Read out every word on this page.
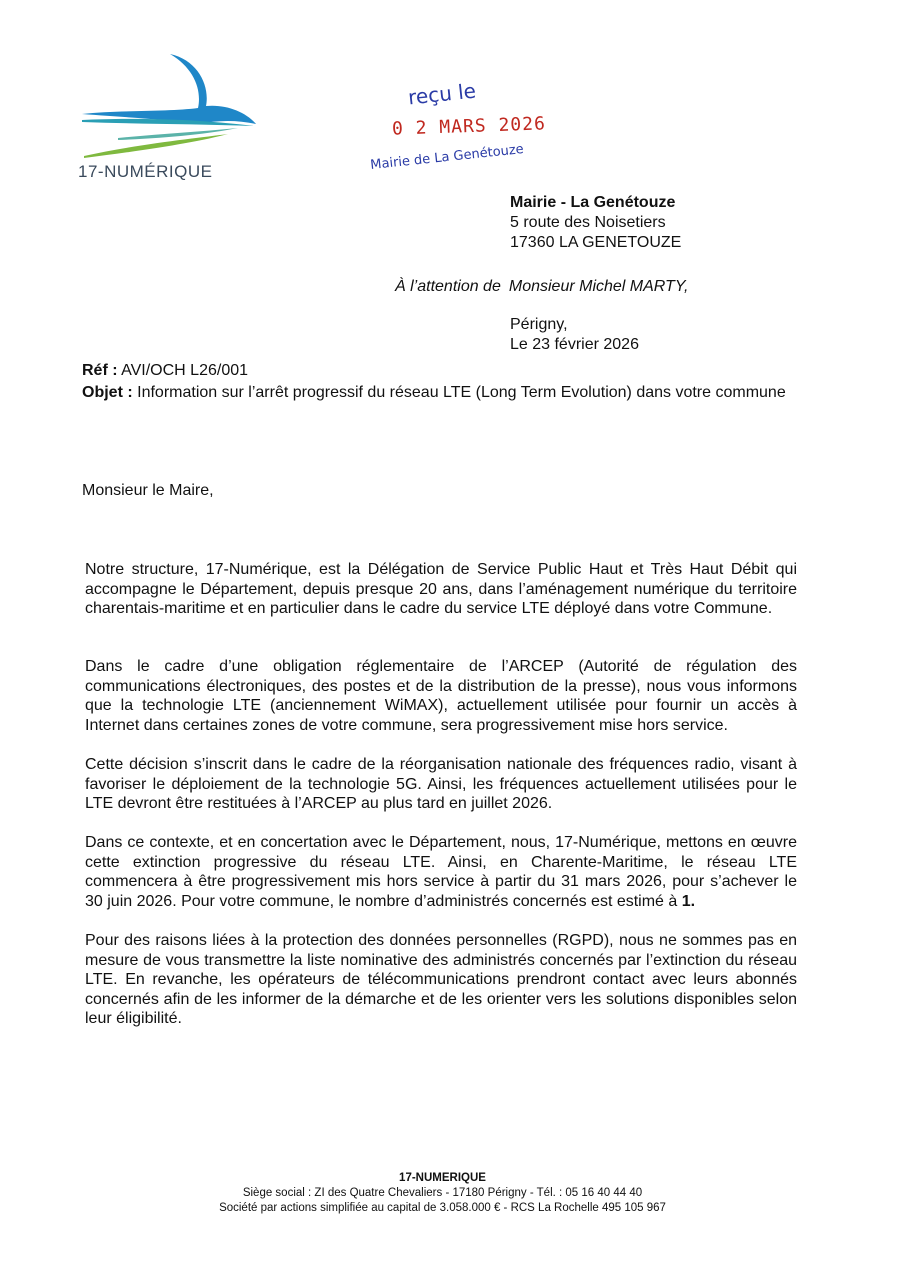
17-NUMÉRIQUE
reçu le
0 2 MARS 2026
Mairie de La Genétouze
Mairie - La Genétouze
5 route des Noisetiers
17360 LA GENETOUZE
À l’attention de Monsieur Michel MARTY,
Périgny,
Le 23 février 2026
Réf : AVI/OCH L26/001
Objet : Information sur l’arrêt progressif du réseau LTE (Long Term Evolution) dans votre commune
Monsieur le Maire,
Notre structure, 17-Numérique, est la Délégation de Service Public Haut et Très Haut Débit qui accompagne le Département, depuis presque 20 ans, dans l’aménagement numérique du territoire charentais-maritime et en particulier dans le cadre du service LTE déployé dans votre Commune.
Dans le cadre d’une obligation réglementaire de l’ARCEP (Autorité de régulation des communications électroniques, des postes et de la distribution de la presse), nous vous informons que la technologie LTE (anciennement WiMAX), actuellement utilisée pour fournir un accès à Internet dans certaines zones de votre commune, sera progressivement mise hors service.
Cette décision s’inscrit dans le cadre de la réorganisation nationale des fréquences radio, visant à favoriser le déploiement de la technologie 5G. Ainsi, les fréquences actuellement utilisées pour le LTE devront être restituées à l’ARCEP au plus tard en juillet 2026.
Dans ce contexte, et en concertation avec le Département, nous, 17-Numérique, mettons en œuvre cette extinction progressive du réseau LTE. Ainsi, en Charente-Maritime, le réseau LTE commencera à être progressivement mis hors service à partir du 31 mars 2026, pour s’achever le 30 juin 2026. Pour votre commune, le nombre d’administrés concernés est estimé à 1.
Pour des raisons liées à la protection des données personnelles (RGPD), nous ne sommes pas en mesure de vous transmettre la liste nominative des administrés concernés par l’extinction du réseau LTE. En revanche, les opérateurs de télécommunications prendront contact avec leurs abonnés concernés afin de les informer de la démarche et de les orienter vers les solutions disponibles selon leur éligibilité.
17-NUMERIQUE
Siège social : ZI des Quatre Chevaliers - 17180 Périgny - Tél. : 05 16 40 44 40
Société par actions simplifiée au capital de 3.058.000 € - RCS La Rochelle 495 105 967
